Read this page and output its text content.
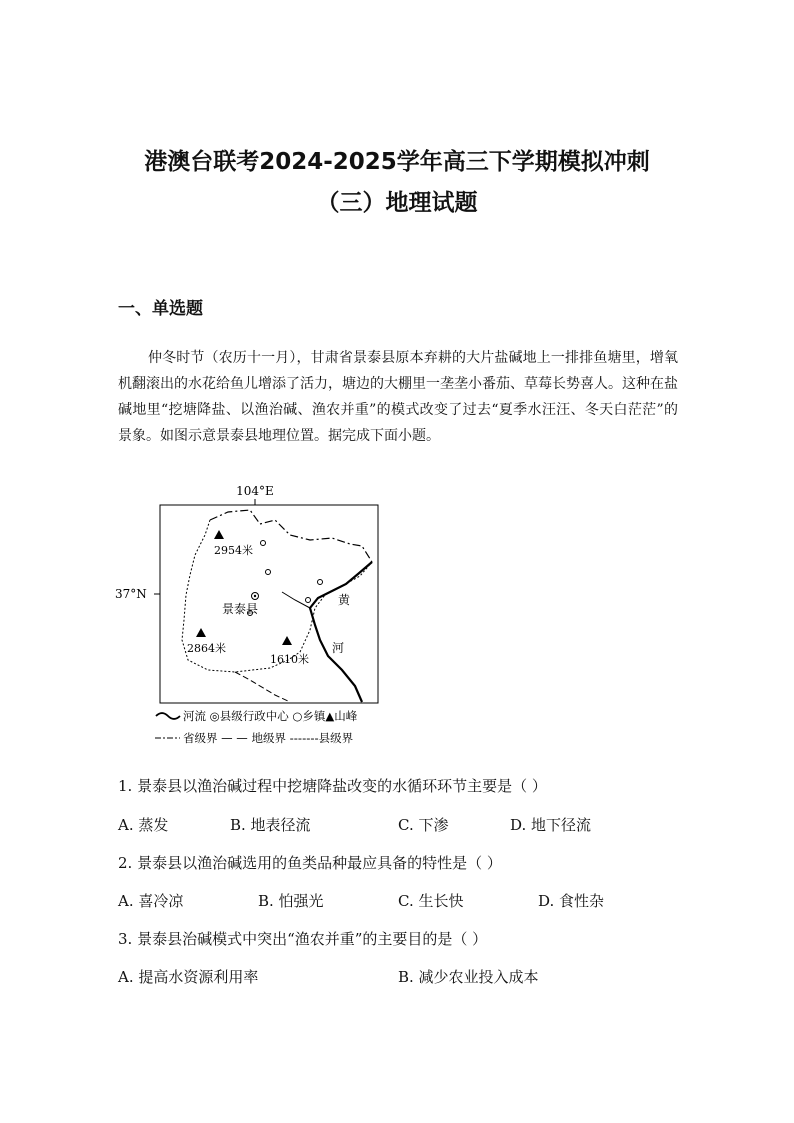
港澳台联考2024-2025学年高三下学期模拟冲刺
（三）地理试题
一、单选题

仲冬时节（农历十一月），甘肃省景泰县原本弃耕的大片盐碱地上一排排鱼塘里，增氧机翻滚出的水花给鱼儿增添了活力，塘边的大棚里一垄垄小番茄、草莓长势喜人。这种在盐碱地里“挖塘降盐、以渔治碱、渔农并重”的模式改变了过去“夏季水汪汪、冬天白茫茫”的景象。如图示意景泰县地理位置。据完成下面小题。

104°E
37°N
景泰县
2954米
2864米
1610米
黄
河
河流 ◎县级行政中心 ○乡镇▲山峰
省级界 — — 地级界 -------县级界
1. 景泰县以渔治碱过程中挖塘降盐改变的水循环环节主要是（ ）
A. 蒸发	B. 地表径流	C. 下渗	D. 地下径流
2. 景泰县以渔治碱选用的鱼类品种最应具备的特性是（ ）
A. 喜冷凉	B. 怕强光	C. 生长快	D. 食性杂
3. 景泰县治碱模式中突出“渔农并重”的主要目的是（ ）
A. 提高水资源利用率	B. 减少农业投入成本
